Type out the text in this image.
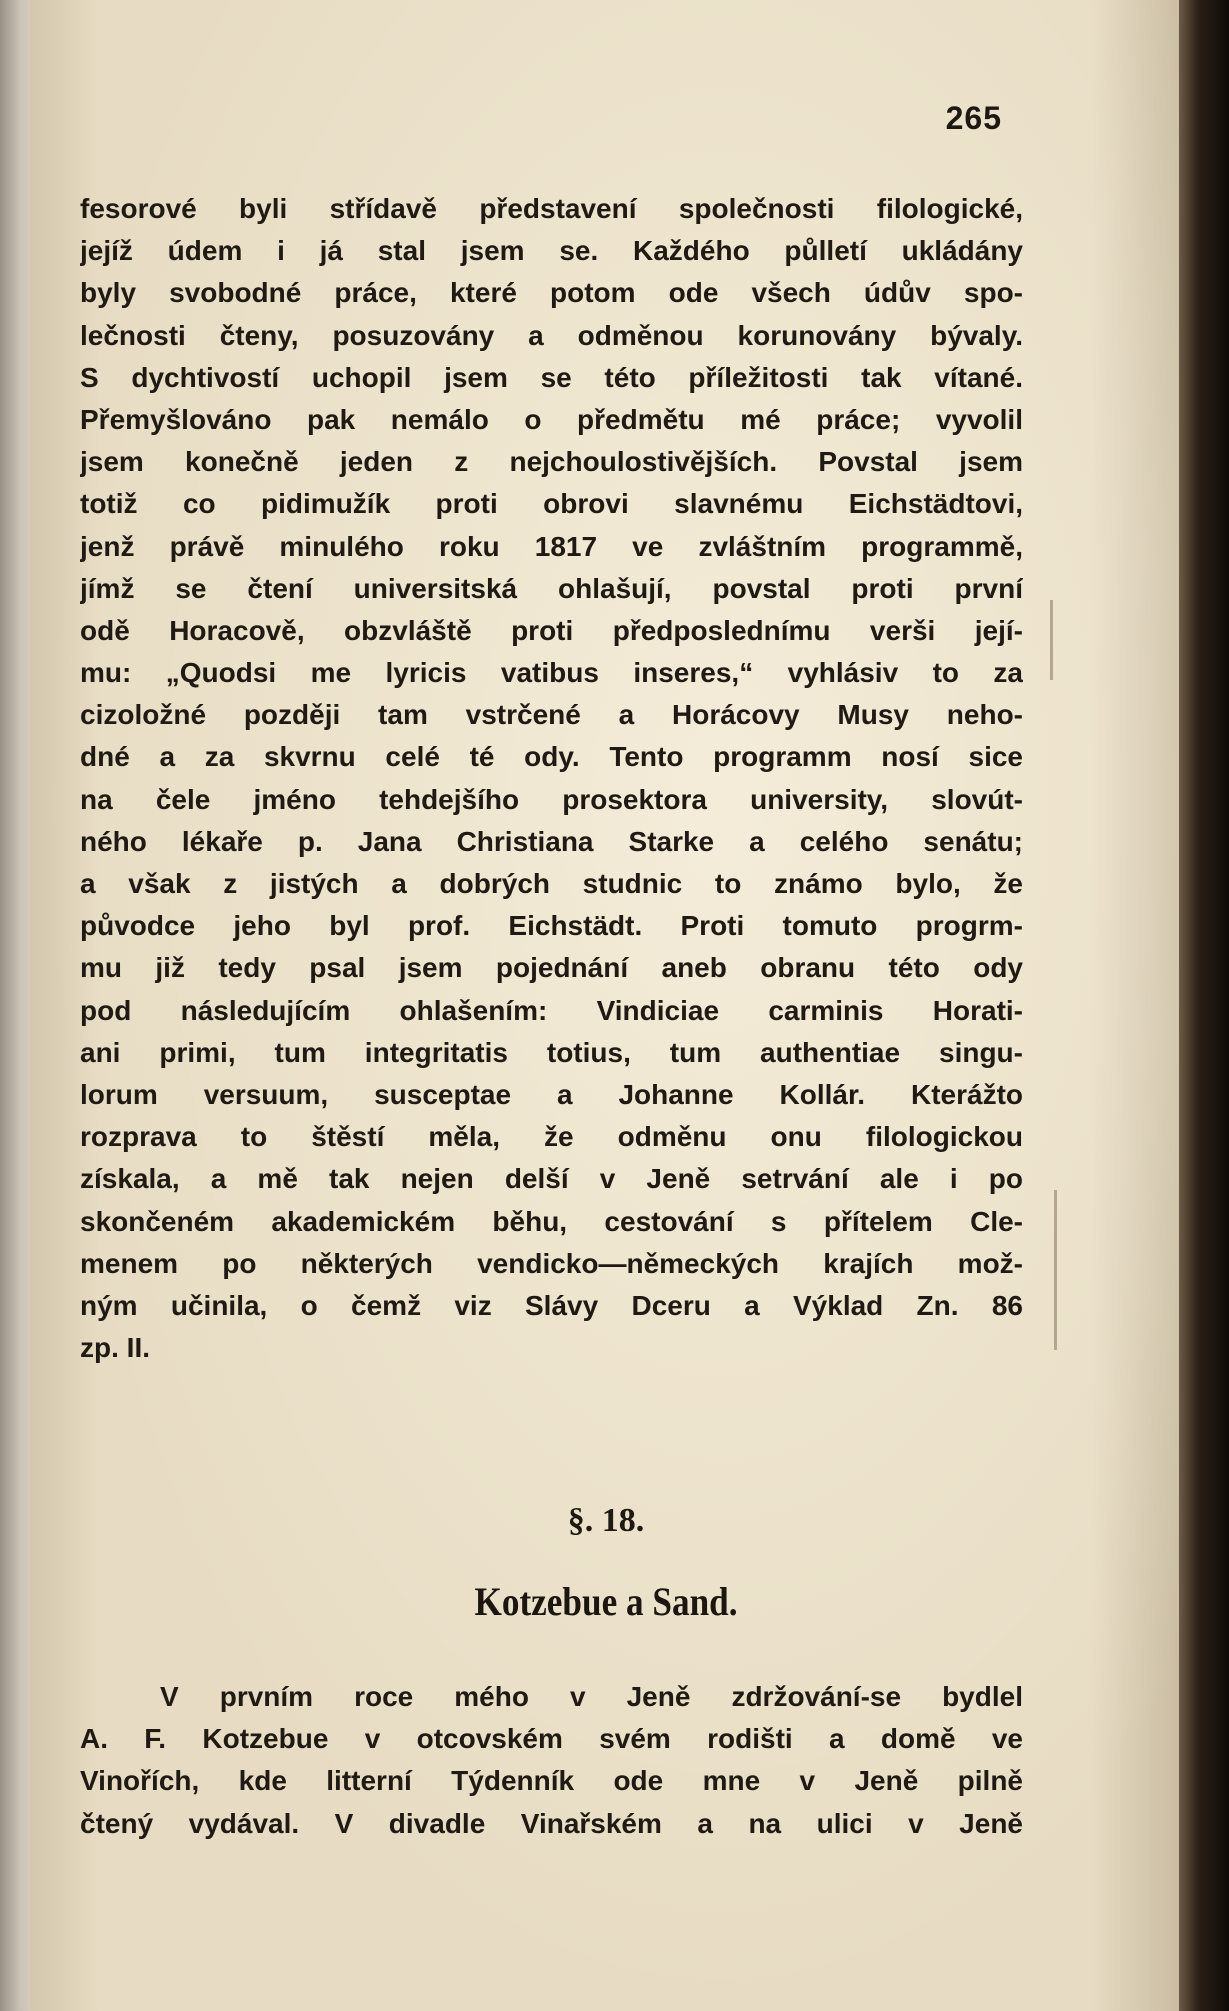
265
fesorové byli střídavě představení společnosti filologické,
jejíž údem i já stal jsem se. Každého půlletí ukládány
byly svobodné práce, které potom ode všech údův spo-
lečnosti čteny, posuzovány a odměnou korunovány bývaly.
S dychtivostí uchopil jsem se této příležitosti tak vítané.
Přemyšlováno pak nemálo o předmětu mé práce; vyvolil
jsem konečně jeden z nejchoulostivějších. Povstal jsem
totiž co pidimužík proti obrovi slavnému Eichstädtovi,
jenž právě minulého roku 1817 ve zvláštním programmě,
jímž se čtení universitská ohlašují, povstal proti první
odě Horacově, obzvláště proti předposlednímu verši její-
mu: „Quodsi me lyricis vatibus inseres,“ vyhlásiv to za
cizoložné později tam vstrčené a Horácovy Musy neho-
dné a za skvrnu celé té ody. Tento programm nosí sice
na čele jméno tehdejšího prosektora university, slovút-
ného lékaře p. Jana Christiana Starke a celého senátu;
a však z jistých a dobrých studnic to známo bylo, že
původce jeho byl prof. Eichstädt. Proti tomuto progrm-
mu již tedy psal jsem pojednání aneb obranu této ody
pod následujícím ohlašením: Vindiciae carminis Horati-
ani primi, tum integritatis totius, tum authentiae singu-
lorum versuum, susceptae a Johanne Kollár. Kterážto
rozprava to štěstí měla, že odměnu onu filologickou
získala, a mě tak nejen delší v Jeně setrvání ale i po
skončeném akademickém běhu, cestování s přítelem Cle-
menem po některých vendicko—německých krajích mož-
ným učinila, o čemž viz Slávy Dceru a Výklad Zn. 86
zp. II.
§. 18.
Kotzebue a Sand.
V prvním roce mého v Jeně zdržování-se bydlel
A. F. Kotzebue v otcovském svém rodišti a domě ve
Vinořích, kde litterní Týdenník ode mne v Jeně pilně
čtený vydával. V divadle Vinařském a na ulici v Jeně
